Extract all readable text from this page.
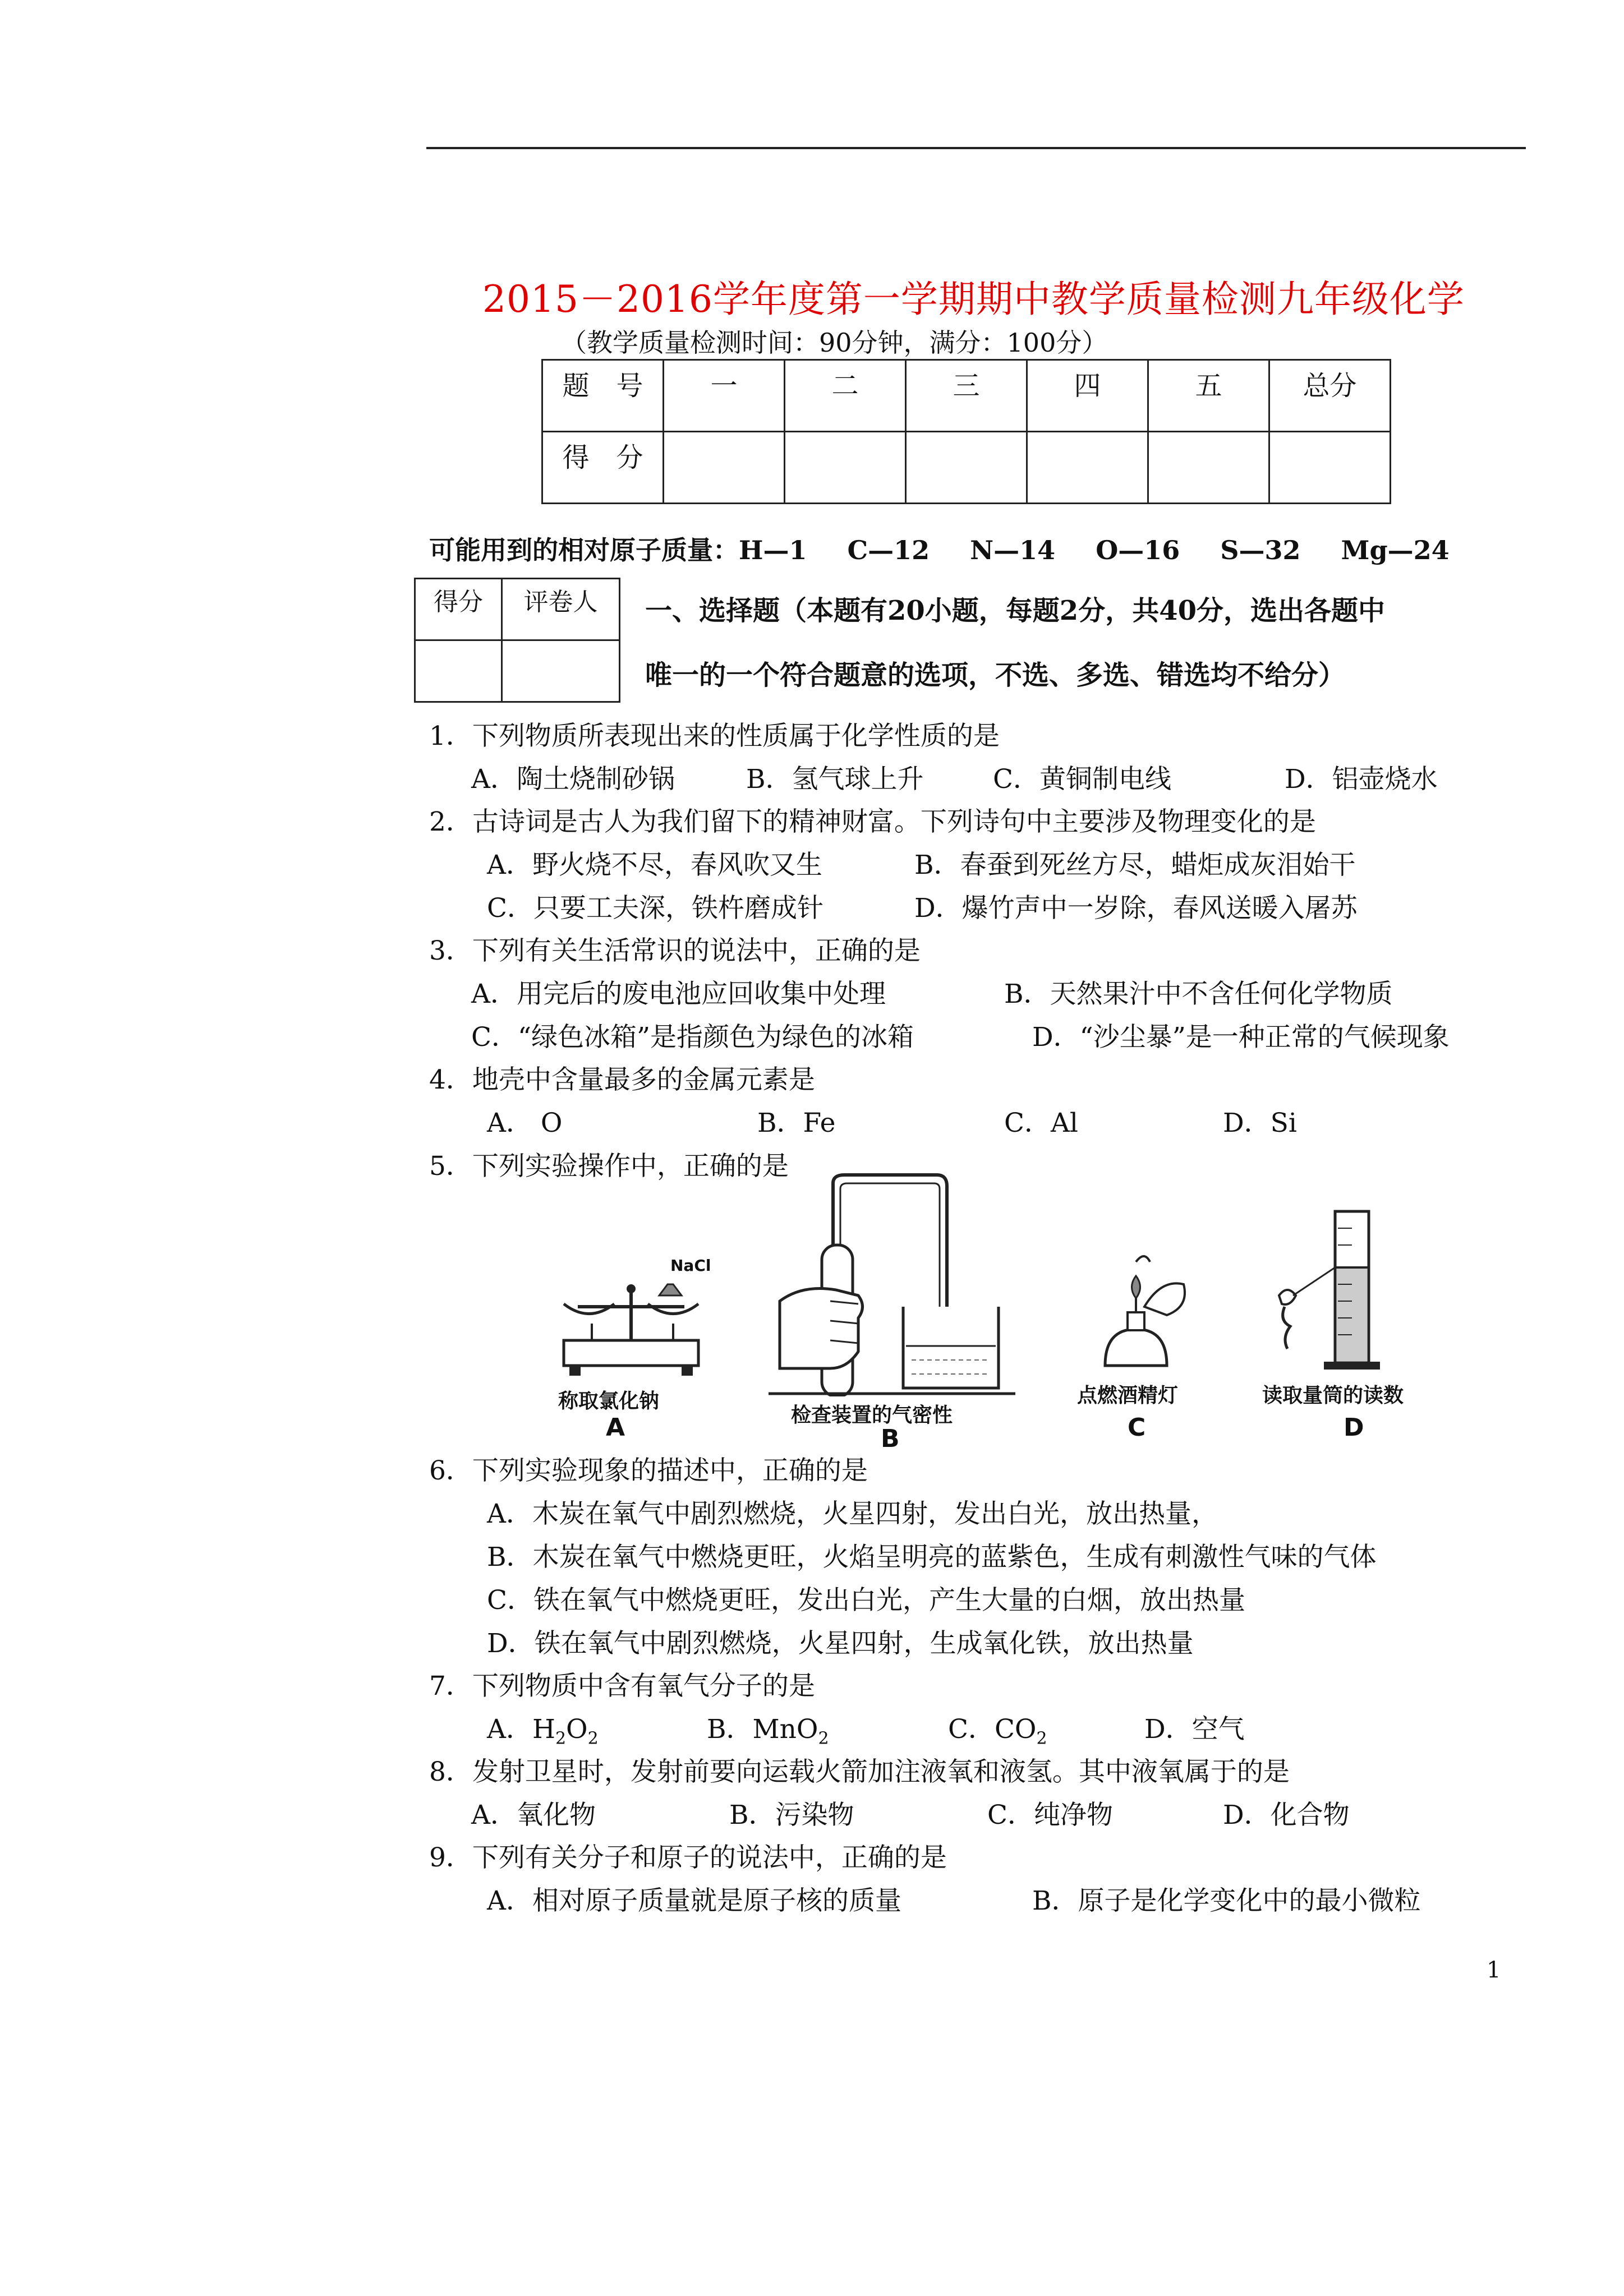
2015－2016学年度第一学期期中教学质量检测九年级化学
（教学质量检测时间：90分钟，满分：100分）
题　号	一	二	三	四	五	总分
得　分						
可能用到的相对原子质量：H—1　 C—12　 N—14　 O—16　 S—32　 Mg—24
得分	评卷人
	一、选择题（本题有20小题，每题2分，共40分，选出各题中
唯一的一个符合题意的选项，不选、多选、错选均不给分）
1．下列物质所表现出来的性质属于化学性质的是
A．陶土烧制砂锅	B．氢气球上升	C．黄铜制电线	D．铝壶烧水
2．古诗词是古人为我们留下的精神财富。下列诗句中主要涉及物理变化的是
A．野火烧不尽，春风吹又生	B．春蚕到死丝方尽，蜡炬成灰泪始干
C．只要工夫深，铁杵磨成针	D．爆竹声中一岁除，春风送暖入屠苏
3．下列有关生活常识的说法中，正确的是
A．用完后的废电池应回收集中处理	B．天然果汁中不含任何化学物质
C．“绿色冰箱”是指颜色为绿色的冰箱	D．“沙尘暴”是一种正常的气候现象
4．地壳中含量最多的金属元素是
A． O	B．Fe	C．Al	D．Si
5．下列实验操作中，正确的是
NaCl
称取氯化钠
A	检查装置的气密性
B
点燃酒精灯
C
读取量筒的读数
D
6．下列实验现象的描述中，正确的是
A．木炭在氧气中剧烈燃烧，火星四射，发出白光，放出热量，
B．木炭在氧气中燃烧更旺，火焰呈明亮的蓝紫色，生成有刺激性气味的气体
C．铁在氧气中燃烧更旺，发出白光，产生大量的白烟，放出热量
D．铁在氧气中剧烈燃烧，火星四射，生成氧化铁，放出热量
7．下列物质中含有氧气分子的是
A．$H_2O_2$	B．MnO$_2$	C．$CO_2$	D．空气
8．发射卫星时，发射前要向运载火箭加注液氧和液氢。其中液氧属于的是
A．氧化物	B．污染物	C．纯净物	D．化合物
9．下列有关分子和原子的说法中，正确的是
A．相对原子质量就是原子核的质量	B．原子是化学变化中的最小微粒
1
